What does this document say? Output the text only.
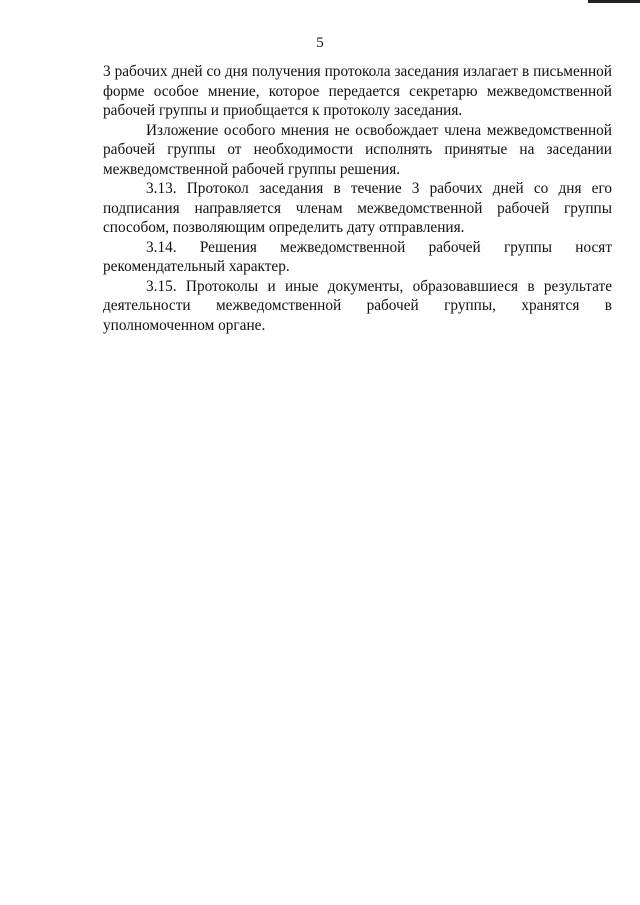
5

3 рабочих дней со дня получения протокола заседания излагает в письменной форме особое мнение, которое передается секретарю межведомственной рабочей группы и приобщается к протоколу заседания.

Изложение особого мнения не освобождает члена межведомственной рабочей группы от необходимости исполнять принятые на заседании межведомственной рабочей группы решения.

3.13. Протокол заседания в течение 3 рабочих дней со дня его подписания направляется членам межведомственной рабочей группы способом, позволяющим определить дату отправления.

3.14. Решения межведомственной рабочей группы носят рекомендательный характер.

3.15. Протоколы и иные документы, образовавшиеся в результате деятельности межведомственной рабочей группы, хранятся в уполномоченном органе.
